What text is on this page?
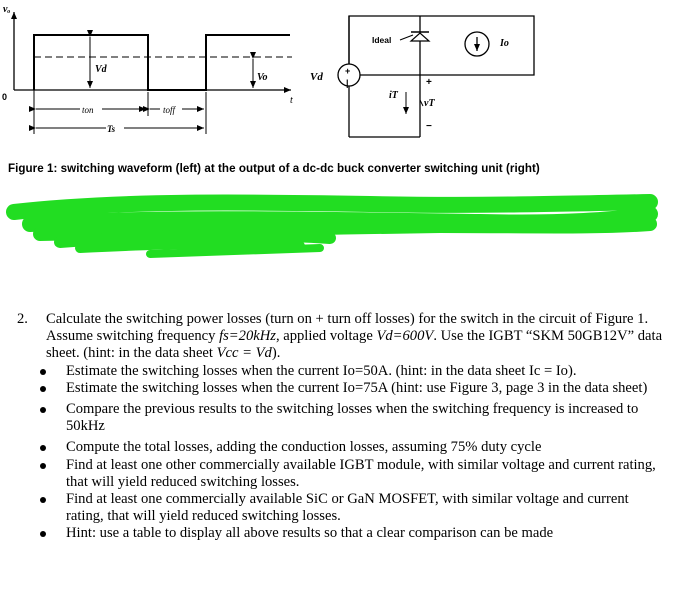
vₒ
0	t
Vd
Vo
ton	toff
Ts
+
|
Vd
Ideal
iT
+
vT
−
Io
Figure 1: switching waveform (left) at the output of a dc-dc buck converter switching unit (right)
2. Calculate the switching power losses (turn on + turn off losses) for the switch in the circuit of Figure 1. Assume switching frequency fs=20kHz, applied voltage Vd=600V. Use the IGBT “SKM 50GB12V” data sheet. (hint: in the data sheet Vcc = Vd).

Estimate the switching losses when the current Io=50A. (hint: in the data sheet Ic = Io).
Estimate the switching losses when the current Io=75A (hint: use Figure 3, page 3 in the data sheet)
Compare the previous results to the switching losses when the switching frequency is increased to 50kHz
Compute the total losses, adding the conduction losses, assuming 75% duty cycle
Find at least one other commercially available IGBT module, with similar voltage and current rating, that will yield reduced switching losses.
Find at least one commercially available SiC or GaN MOSFET, with similar voltage and current rating, that will yield reduced switching losses.
Hint: use a table to display all above results so that a clear comparison can be made
